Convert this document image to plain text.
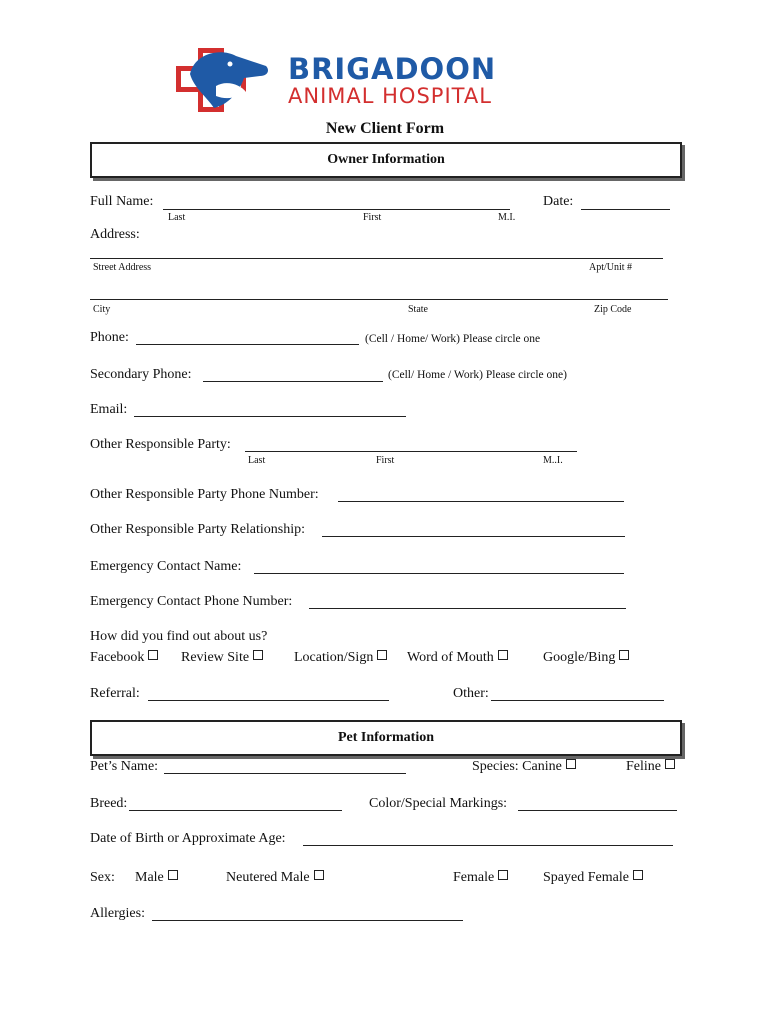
BRIGADOON
ANIMAL HOSPITAL
New Client Form
Owner Information
Full Name:
Last	First	M.I.
Date:
Address:
Street Address	Apt/Unit #
City	State	Zip Code
Phone:	(Cell / Home/ Work) Please circle one
Secondary Phone:	(Cell/ Home / Work) Please circle one)
Email:
Other Responsible Party:
Last	First	M..I.
Other Responsible Party Phone Number:
Other Responsible Party Relationship:
Emergency Contact Name:
Emergency Contact Phone Number:
How did you find out about us?
Facebook	Review Site	Location/Sign	Word of Mouth	Google/Bing
Referral:	Other:
Pet Information
Pet’s Name:	Species: Canine	Feline
Breed:	Color/Special Markings:
Date of Birth or Approximate Age:
Sex: Male	Neutered Male	Female	Spayed Female
Allergies:
